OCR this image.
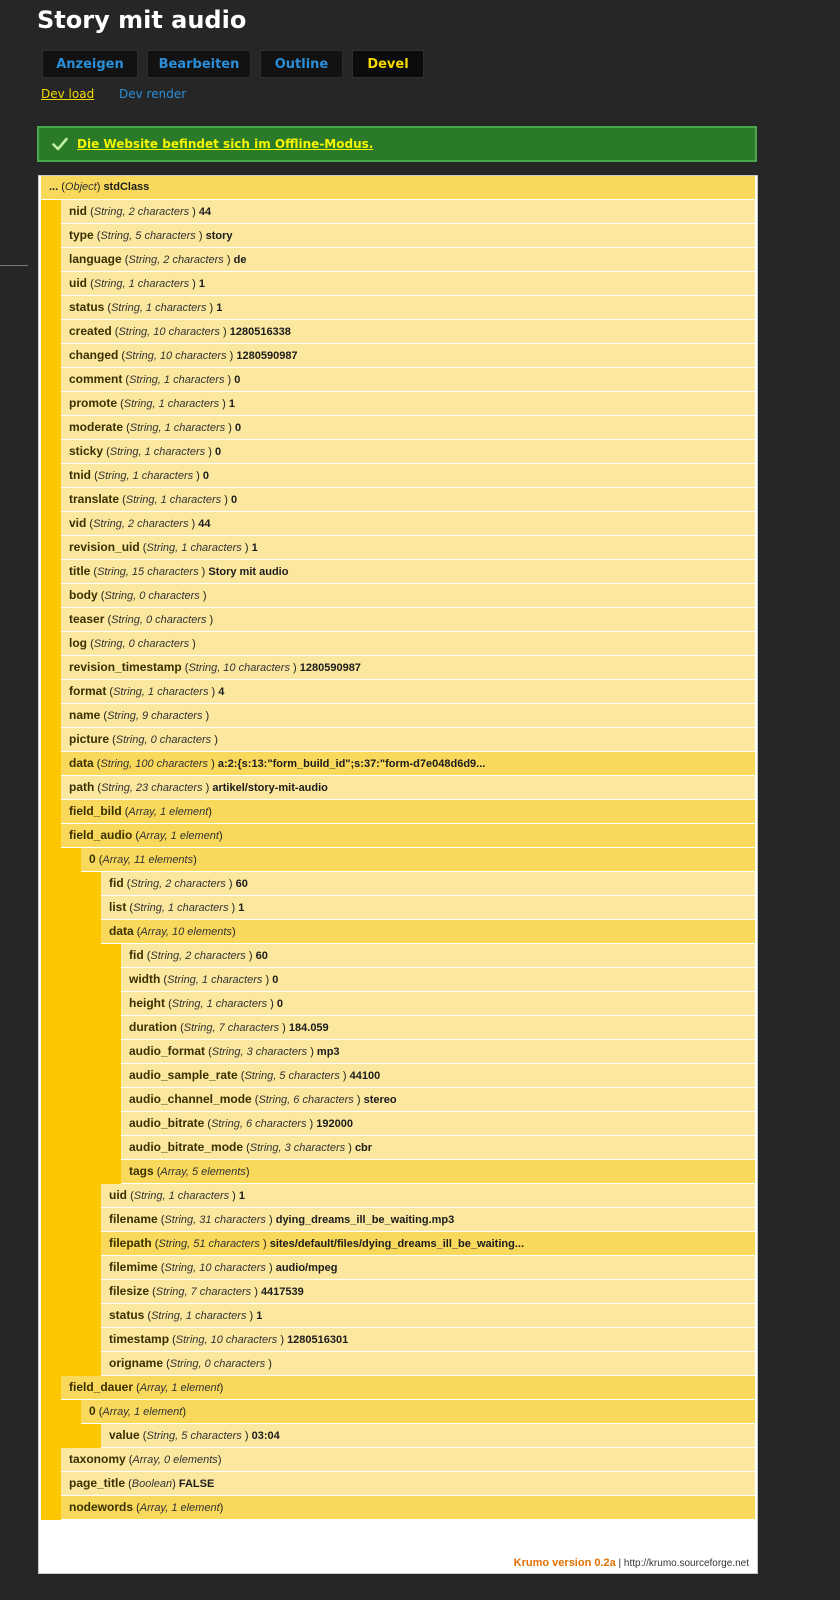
Story mit audio
Anzeigen	Bearbeiten	Outline	Devel
Dev load Dev render
Die Website befindet sich im Offline-Modus.
... (Object) stdClass
nid (String, 2 characters ) 44
type (String, 5 characters ) story
language (String, 2 characters ) de
uid (String, 1 characters ) 1
status (String, 1 characters ) 1
created (String, 10 characters ) 1280516338
changed (String, 10 characters ) 1280590987
comment (String, 1 characters ) 0
promote (String, 1 characters ) 1
moderate (String, 1 characters ) 0
sticky (String, 1 characters ) 0
tnid (String, 1 characters ) 0
translate (String, 1 characters ) 0
vid (String, 2 characters ) 44
revision_uid (String, 1 characters ) 1
title (String, 15 characters ) Story mit audio
body (String, 0 characters )
teaser (String, 0 characters )
log (String, 0 characters )
revision_timestamp (String, 10 characters ) 1280590987
format (String, 1 characters ) 4
name (String, 9 characters )
picture (String, 0 characters )
data (String, 100 characters ) a:2:{s:13:"form_build_id";s:37:"form-d7e048d6d9...
path (String, 23 characters ) artikel/story-mit-audio
field_bild (Array, 1 element)
field_audio (Array, 1 element)
0 (Array, 11 elements)
fid (String, 2 characters ) 60
list (String, 1 characters ) 1
data (Array, 10 elements)
fid (String, 2 characters ) 60
width (String, 1 characters ) 0
height (String, 1 characters ) 0
duration (String, 7 characters ) 184.059
audio_format (String, 3 characters ) mp3
audio_sample_rate (String, 5 characters ) 44100
audio_channel_mode (String, 6 characters ) stereo
audio_bitrate (String, 6 characters ) 192000
audio_bitrate_mode (String, 3 characters ) cbr
tags (Array, 5 elements)
uid (String, 1 characters ) 1
filename (String, 31 characters ) dying_dreams_ill_be_waiting.mp3
filepath (String, 51 characters ) sites/default/files/dying_dreams_ill_be_waiting...
filemime (String, 10 characters ) audio/mpeg
filesize (String, 7 characters ) 4417539
status (String, 1 characters ) 1
timestamp (String, 10 characters ) 1280516301
origname (String, 0 characters )
field_dauer (Array, 1 element)
0 (Array, 1 element)
value (String, 5 characters ) 03:04
taxonomy (Array, 0 elements)
page_title (Boolean) FALSE
nodewords (Array, 1 element)
Krumo version 0.2a | http://krumo.sourceforge.net
